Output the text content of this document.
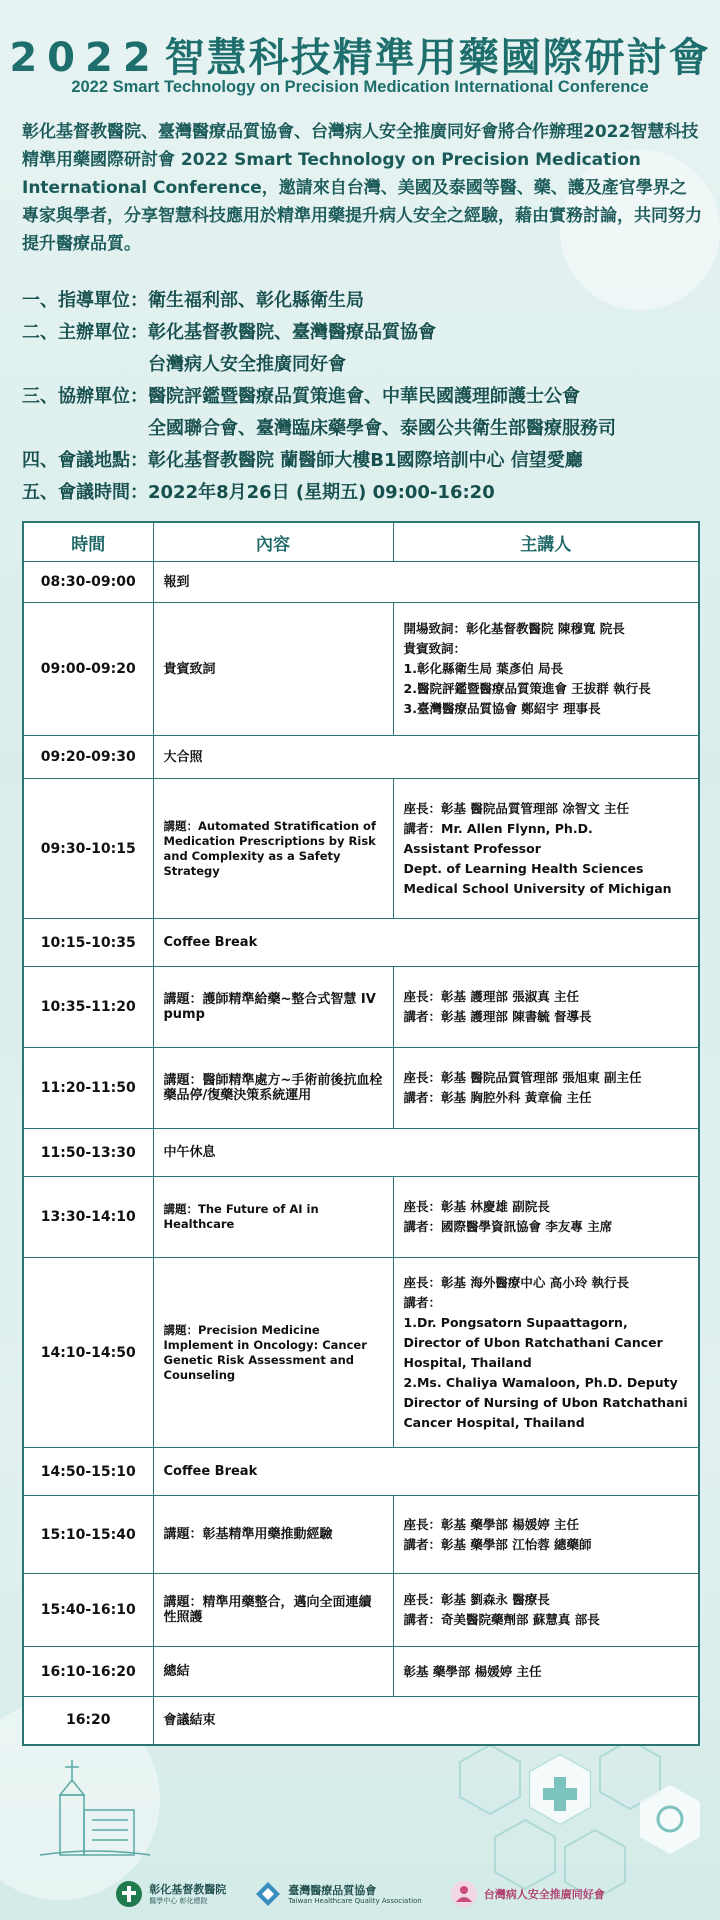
2022 智慧科技精準用藥國際研討會
2022 Smart Technology on Precision Medication International Conference
彰化基督教醫院、臺灣醫療品質協會、台灣病人安全推廣同好會將合作辦理2022智慧科技精準用藥國際研討會 2022 Smart Technology on Precision Medication International Conference，邀請來自台灣、美國及泰國等醫、藥、護及產官學界之專家與學者，分享智慧科技應用於精準用藥提升病人安全之經驗，藉由實務討論，共同努力提升醫療品質。
一、指導單位： 衛生福利部、彰化縣衛生局
二、主辦單位： 彰化基督教醫院、臺灣醫療品質協會
台灣病人安全推廣同好會
三、協辦單位： 醫院評鑑暨醫療品質策進會、中華民國護理師護士公會
全國聯合會、臺灣臨床藥學會、泰國公共衛生部醫療服務司
四、會議地點： 彰化基督教醫院 蘭醫師大樓B1國際培訓中心 信望愛廳
五、會議時間： 2022年8月26日 (星期五) 09:00-16:20
時間	內容	主講人
08:30-09:00	報到	
09:00-09:20	貴賓致詞	開場致詞：彰化基督教醫院 陳穆寬 院長
貴賓致詞：
1.彰化縣衛生局 葉彥伯 局長
2.醫院評鑑暨醫療品質策進會 王拔群 執行長
3.臺灣醫療品質協會 鄭紹宇 理事長
09:20-09:30	大合照	
09:30-10:15	講題：Automated Stratification of Medication Prescriptions by Risk and Complexity as a Safety Strategy	座長：彰基 醫院品質管理部 凃智文 主任
講者：Mr. Allen Flynn, Ph.D.
Assistant Professor
Dept. of Learning Health Sciences Medical School University of Michigan
10:15-10:35	Coffee Break	
10:35-11:20	講題：護師精準給藥~整合式智慧 IV pump	座長：彰基 護理部 張淑真 主任
講者：彰基 護理部 陳書毓 督導長
11:20-11:50	講題：醫師精準處方~手術前後抗血栓藥品停/復藥決策系統運用	座長：彰基 醫院品質管理部 張旭東 副主任
講者：彰基 胸腔外科 黃章倫 主任
11:50-13:30	中午休息	
13:30-14:10	講題：The Future of AI in Healthcare	座長：彰基 林慶雄 副院長
講者：國際醫學資訊協會 李友專 主席
14:10-14:50	講題：Precision Medicine Implement in Oncology: Cancer Genetic Risk Assessment and Counseling	座長：彰基 海外醫療中心 高小玲 執行長
講者：
1.Dr. Pongsatorn Supaattagorn, Director of Ubon Ratchathani Cancer Hospital, Thailand
2.Ms. Chaliya Wamaloon, Ph.D. Deputy Director of Nursing of Ubon Ratchathani Cancer Hospital, Thailand
14:50-15:10	Coffee Break	
15:10-15:40	講題：彰基精準用藥推動經驗	座長：彰基 藥學部 楊媛婷 主任
講者：彰基 藥學部 江怡蓉 總藥師
15:40-16:10	講題：精準用藥整合，邁向全面連續性照護	座長：彰基 劉森永 醫療長
講者：奇美醫院藥劑部 蘇慧真 部長
16:10-16:20	總結	彰基 藥學部 楊媛婷 主任
16:20	會議結束	
彰化基督教醫院
醫學中心 彰化總院
臺灣醫療品質協會
Taiwan Healthcare Quality Association	台灣病人安全推廣同好會
